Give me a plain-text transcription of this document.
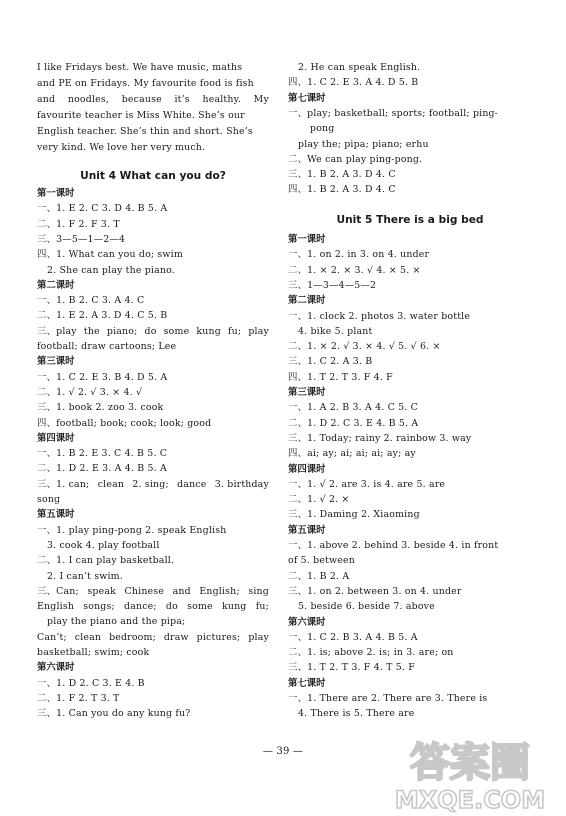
I like Fridays best. We have music, maths
and PE on Fridays. My favourite food is fish
and noodles, because it’s healthy. My
favourite teacher is Miss White. She’s our
English teacher. She’s thin and short. She’s
very kind. We love her very much.
Unit 4 What can you do?
第一课时
一、1. E 2. C 3. D 4. B 5. A
二、1. F 2. F 3. T
三、3—5—1—2—4
四、1. What can you do; swim
2. She can play the piano.
第二课时
一、1. B 2. C 3. A 4. C
二、1. E 2. A 3. D 4. C 5. B
三、play the piano; do some kung fu; play
football; draw cartoons; Lee
第三课时
一、1. C 2. E 3. B 4. D 5. A
二、1. √ 2. √ 3. × 4. √
三、1. book 2. zoo 3. cook
四、football; book; cook; look; good
第四课时
一、1. B 2. E 3. C 4. B 5. C
二、1. D 2. E 3. A 4. B 5. A
三、1. can; clean 2. sing; dance 3. birthday
song
第五课时
一、1. play ping-pong 2. speak English
3. cook 4. play football
二、1. I can play basketball.
2. I can’t swim.
三、Can; speak Chinese and English; sing
English songs; dance; do some kung fu;
play the piano and the pipa;
Can’t; clean bedroom; draw pictures; play
basketball; swim; cook
第六课时
一、1. D 2. C 3. E 4. B
二、1. F 2. T 3. T
三、1. Can you do any kung fu?
2. He can speak English.
四、1. C 2. E 3. A 4. D 5. B
第七课时
一、play; basketball; sports; football; ping-
pong
play the; pipa; piano; erhu
二、We can play ping-pong.
三、1. B 2. A 3. D 4. C
四、1. B 2. A 3. D 4. C
Unit 5 There is a big bed
第一课时
一、1. on 2. in 3. on 4. under
二、1. × 2. × 3. √ 4. × 5. ×
三、1—3—4—5—2
第二课时
一、1. clock 2. photos 3. water bottle
4. bike 5. plant
二、1. × 2. √ 3. × 4. √ 5. √ 6. ×
三、1. C 2. A 3. B
四、1. T 2. T 3. F 4. F
第三课时
一、1. A 2. B 3. A 4. C 5. C
二、1. D 2. C 3. E 4. B 5. A
三、1. Today; rainy 2. rainbow 3. way
四、ai; ay; ai; ai; ai; ay; ay
第四课时
一、1. √ 2. are 3. is 4. are 5. are
二、1. √ 2. ×
三、1. Daming 2. Xiaoming
第五课时
一、1. above 2. behind 3. beside 4. in front
of 5. between
二、1. B 2. A
三、1. on 2. between 3. on 4. under
5. beside 6. beside 7. above
第六课时
一、1. C 2. B 3. A 4. B 5. A
二、1. is; above 2. is; in 3. are; on
三、1. T 2. T 3. F 4. T 5. F
第七课时
一、1. There are 2. There are 3. There is
4. There is 5. There are
— 39 —	答案圈
MXQE.COM
